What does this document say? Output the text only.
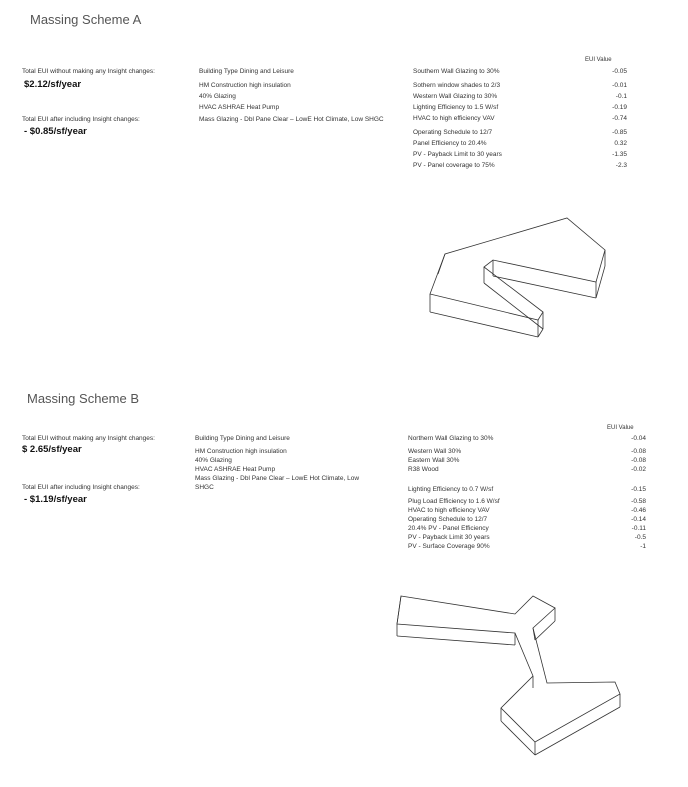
Massing Scheme A
Total EUI without making any Insight changes:
$2.12/sf/year
Total EUI after including Insight changes:
- $0.85/sf/year
Building Type Dining and Leisure
HM Construction high insulation
40% Glazing
HVAC ASHRAE Heat Pump
Mass Glazing - Dbl Pane Clear – LowE Hot Climate, Low SHGC
EUI Value
Southern Wall Glazing to 30%
Sothern window shades to 2/3
Western Wall Glazing to 30%
Lighting Efficiency to 1.5 W/sf
HVAC to high efficiency VAV
Operating Schedule to 12/7
Panel Efficiency to 20.4%
PV - Payback Limit to 30 years
PV - Panel coverage to 75%
-0.05
-0.01
-0.1
-0.19
-0.74
-0.85
0.32
-1.35
-2.3
Massing Scheme B
Total EUI without making any Insight changes:
$ 2.65/sf/year
Total EUI after including Insight changes:
- $1.19/sf/year
Building Type Dining and Leisure
HM Construction high insulation
40% Glazing
HVAC ASHRAE Heat Pump
Mass Glazing - Dbl Pane Clear – LowE Hot Climate, Low
SHGC
EUI Value
Northern Wall Glazing to 30%
Western Wall 30%
Eastern Wall 30%
R38 Wood
Lighting Efficiency to 0.7 W/sf
Plug Load Efficiency to 1.6 W/sf
HVAC to high efficiency VAV
Operating Schedule to 12/7
20.4% PV - Panel Efficiency
PV - Payback Limit 30 years
PV - Surface Coverage 90%
-0.04
-0.08
-0.08
-0.02
-0.15
-0.58
-0.46
-0.14
-0.11
-0.5
-1
